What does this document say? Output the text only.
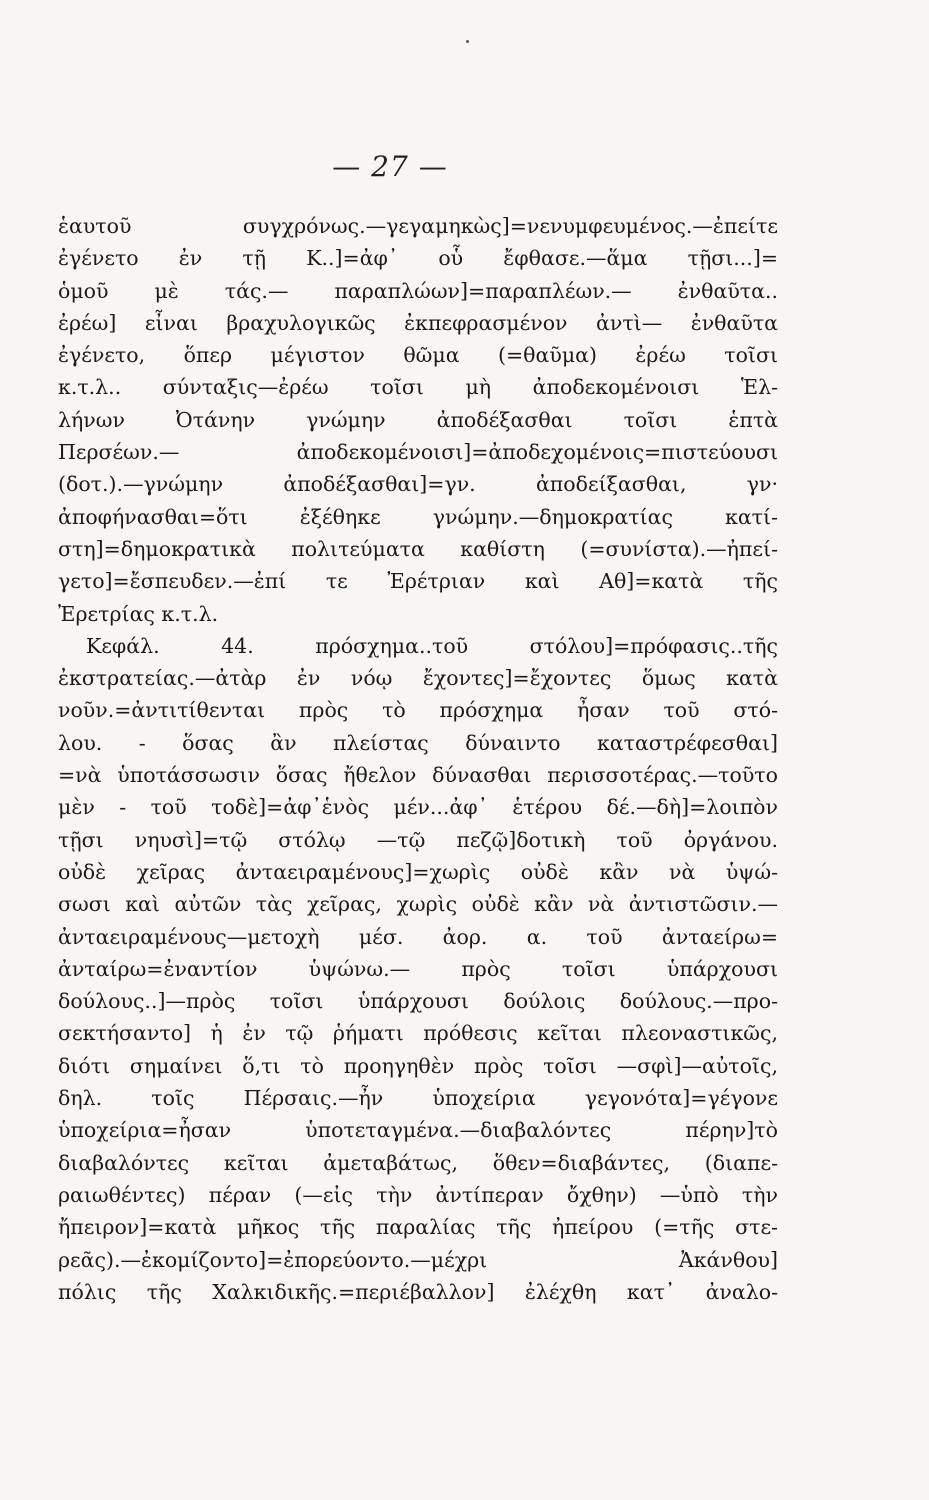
— 27 —
ἑαυτοῦ συγχρόνως.—γεγαμηκὼς]=νενυμφευμένος.—ἐπείτε
ἐγένετο ἐν τῇ Κ..]=ἀφ᾽ οὗ ἔφθασε.—ἅμα τῇσι...]=
ὁμοῦ μὲ τάς.— παραπλώων]=παραπλέων.— ἐνθαῦτα..
ἐρέω] εἶναι βραχυλογικῶς ἐκπεφρασμένον ἀντὶ— ἐνθαῦτα
ἐγένετο, ὅπερ μέγιστον θῶμα (=θαῦμα) ἐρέω τοῖσι
κ.τ.λ.. σύνταξις—ἐρέω τοῖσι μὴ ἀποδεκομένοισι Ἑλ-
λήνων Ὀτάνην γνώμην ἀποδέξασθαι τοῖσι ἑπτὰ
Περσέων.— ἀποδεκομένοισι]=ἀποδεχομένοις=πιστεύουσι
(δοτ.).—γνώμην ἀποδέξασθαι]=γν. ἀποδείξασθαι, γν·
ἀποφήνασθαι=ὅτι ἐξέθηκε γνώμην.—δημοκρατίας κατί-
στη]=δημοκρατικὰ πολιτεύματα καθίστη (=συνίστα).—ἠπεί-
γετο]=ἔσπευδεν.—ἐπί τε Ἐρέτριαν καὶ Αθ]=κατὰ τῆς
Ἐρετρίας κ.τ.λ.
Κεφάλ. 44. πρόσχημα..τοῦ στόλου]=πρόφασις..τῆς
ἐκστρατείας.—ἀτὰρ ἐν νόῳ ἔχοντες]=ἔχοντες ὅμως κατὰ
νοῦν.=ἀντιτίθενται πρὸς τὸ πρόσχημα ἦσαν τοῦ στό-
λου. - ὅσας ἂν πλείστας δύναιντο καταστρέφεσθαι]
=νὰ ὑποτάσσωσιν ὅσας ἤθελον δύνασθαι περισσοτέρας.—τοῦτο
μὲν - τοῦ τοδὲ]=ἀφ᾽ἑνὸς μέν...ἀφ᾽ ἑτέρου δέ.—δὴ]=λοιπὸν
τῇσι νηυσὶ]=τῷ στόλῳ —τῷ πεζῷ]δοτικὴ τοῦ ὀργάνου.
οὐδὲ χεῖρας ἀνταειραμένους]=χωρὶς οὐδὲ κἂν νὰ ὑψώ-
σωσι καὶ αὐτῶν τὰς χεῖρας, χωρὶς οὐδὲ κἂν νὰ ἀντιστῶσιν.—
ἀνταειραμένους—μετοχὴ μέσ. ἀορ. α. τοῦ ἀνταείρω=
ἀνταίρω=ἐναντίον ὑψώνω.— πρὸς τοῖσι ὑπάρχουσι
δούλους..]—πρὸς τοῖσι ὑπάρχουσι δούλοις δούλους.—προ-
σεκτήσαντο] ἡ ἐν τῷ ῥήματι πρόθεσις κεῖται πλεοναστικῶς,
διότι σημαίνει ὅ,τι τὸ προηγηθὲν πρὸς τοῖσι —σφὶ]—αὐτοῖς,
δηλ. τοῖς Πέρσαις.—ἦν ὑποχείρια γεγονότα]=γέγονε
ὑποχείρια=ἦσαν ὑποτεταγμένα.—διαβαλόντες πέρην]τὸ
διαβαλόντες κεῖται ἀμεταβάτως, ὅθεν=διαβάντες, (διαπε-
ραιωθέντες) πέραν (—εἰς τὴν ἀντίπεραν ὄχθην) —ὑπὸ τὴν
ἤπειρον]=κατὰ μῆκος τῆς παραλίας τῆς ἠπείρου (=τῆς στε-
ρεᾶς).—ἐκομίζοντο]=ἐπορεύοντο.—μέχρι Ἀκάνθου]
πόλις τῆς Χαλκιδικῆς.=περιέβαλλον] ἐλέχθη κατ᾽ ἀναλο-
